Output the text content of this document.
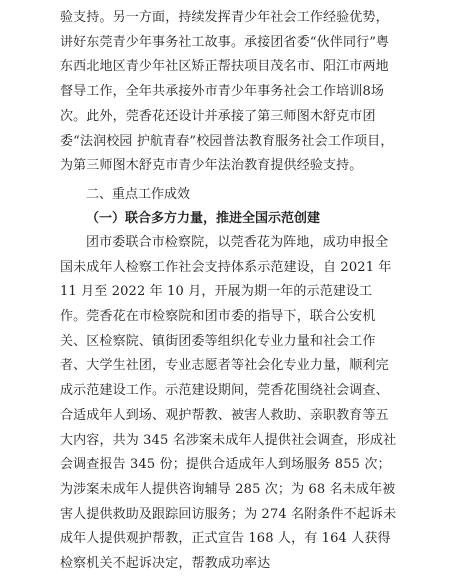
验支持。另一方面，持续发挥青少年社会工作经验优势，讲好东莞青少年事务社工故事。承接团省委“伙伴同行”粤东西北地区青少年社区矫正帮扶项目茂名市、阳江市两地督导工作，全年共承接外市青少年事务社会工作培训8场次。此外，莞香花还设计并承接了第三师图木舒克市团委“法润校园 护航青春”校园普法教育服务社会工作项目，为第三师图木舒克市青少年法治教育提供经验支持。

二、重点工作成效

（一）联合多方力量，推进全国示范创建

团市委联合市检察院，以莞香花为阵地，成功申报全国未成年人检察工作社会支持体系示范建设，自 2021 年 11 月至 2022 年 10 月，开展为期一年的示范建设工作。莞香花在市检察院和团市委的指导下，联合公安机关、区检察院、镇街团委等组织化专业力量和社会工作者、大学生社团，专业志愿者等社会化专业力量，顺利完成示范建设工作。示范建设期间，莞香花围绕社会调查、合适成年人到场、观护帮教、被害人救助、亲职教育等五大内容，共为 345 名涉案未成年人提供社会调查，形成社会调查报告 345 份；提供合适成年人到场服务 855 次；为涉案未成年人提供咨询辅导 285 次；为 68 名未成年被害人提供救助及跟踪回访服务；为 274 名附条件不起诉未成年人提供观护帮教，正式宣告 168 人，有 164 人获得检察机关不起诉决定，帮教成功率达
